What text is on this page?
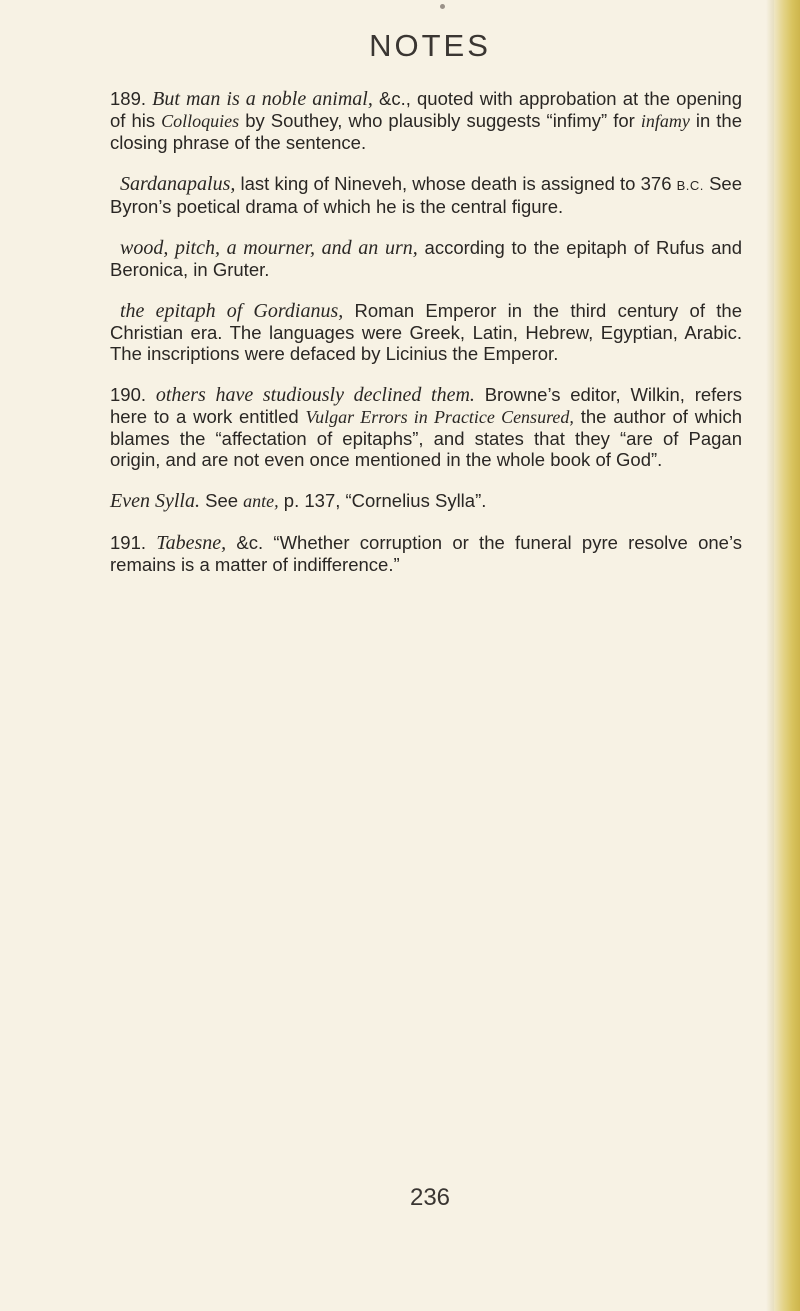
NOTES

189. But man is a noble animal, &c., quoted with approbation at the opening of his Colloquies by Southey, who plausibly suggests “infimy” for infamy in the closing phrase of the sentence.

Sardanapalus, last king of Nineveh, whose death is assigned to 376 B.C. See Byron’s poetical drama of which he is the central figure.

wood, pitch, a mourner, and an urn, according to the epitaph of Rufus and Beronica, in Gruter.

the epitaph of Gordianus, Roman Emperor in the third century of the Christian era. The languages were Greek, Latin, Hebrew, Egyptian, Arabic. The inscriptions were defaced by Licinius the Emperor.

190. others have studiously declined them. Browne’s editor, Wilkin, refers here to a work entitled Vulgar Errors in Practice Censured, the author of which blames the “affectation of epitaphs”, and states that they “are of Pagan origin, and are not even once mentioned in the whole book of God”.

Even Sylla. See ante, p. 137, “Cornelius Sylla”.

191. Tabesne, &c. “Whether corruption or the funeral pyre resolve one’s remains is a matter of indifference.”

236
